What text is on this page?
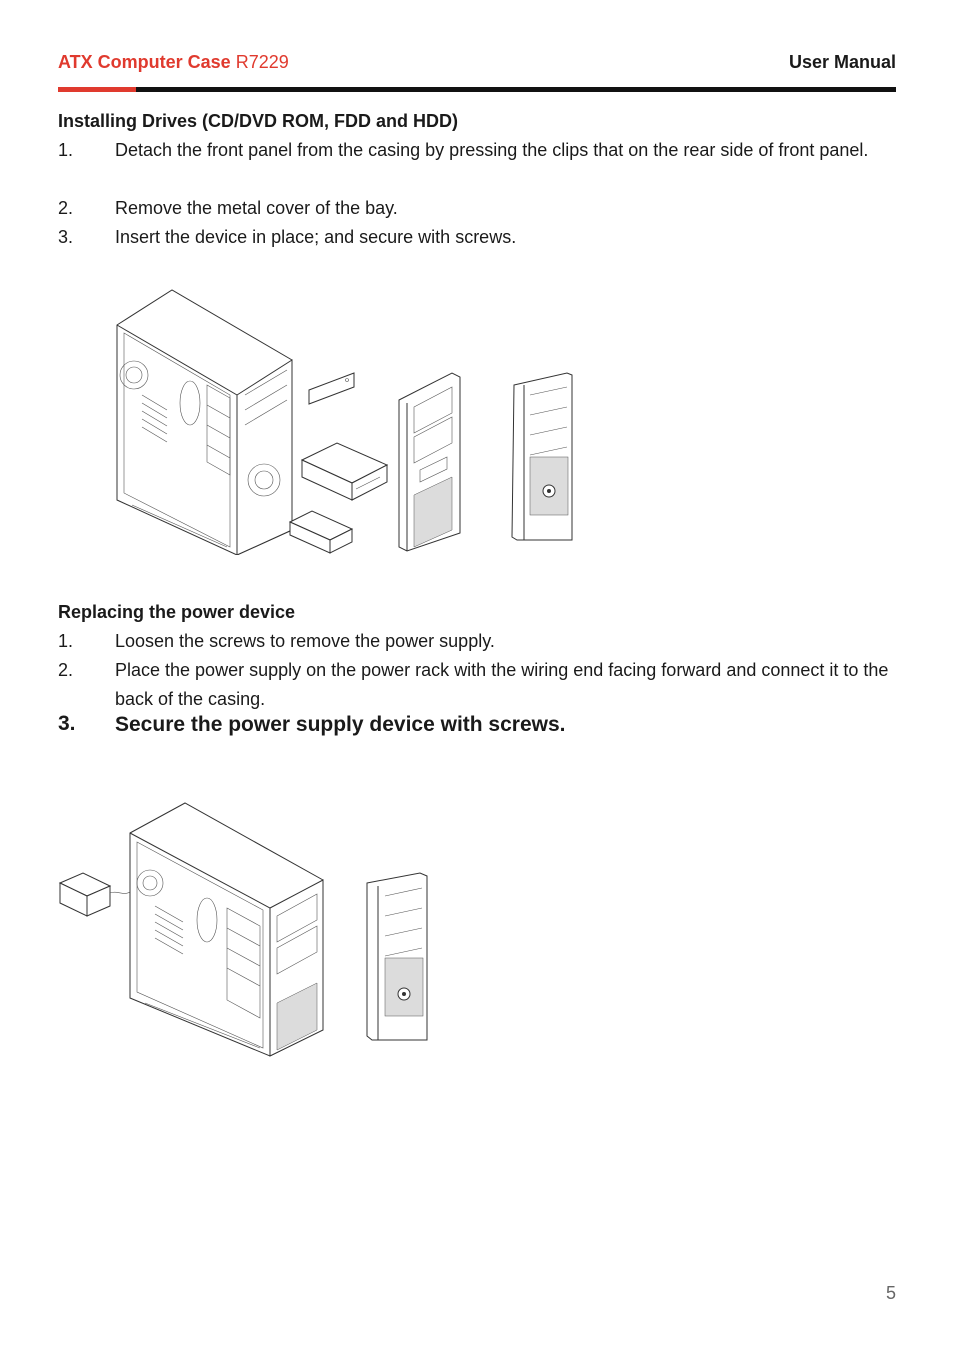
ATX Computer Case R7229	User Manual
Installing Drives (CD/DVD ROM, FDD and HDD)
1. Detach the front panel from the casing by pressing the clips that on the rear side of front panel.
2. Remove the metal cover of the bay.
3. Insert the device in place; and secure with screws.
Replacing the power device
1. Loosen the screws to remove the power supply.
2. Place the power supply on the power rack with the wiring end facing forward and connect it to the back of the casing.
3. Secure the power supply device with screws.
5
